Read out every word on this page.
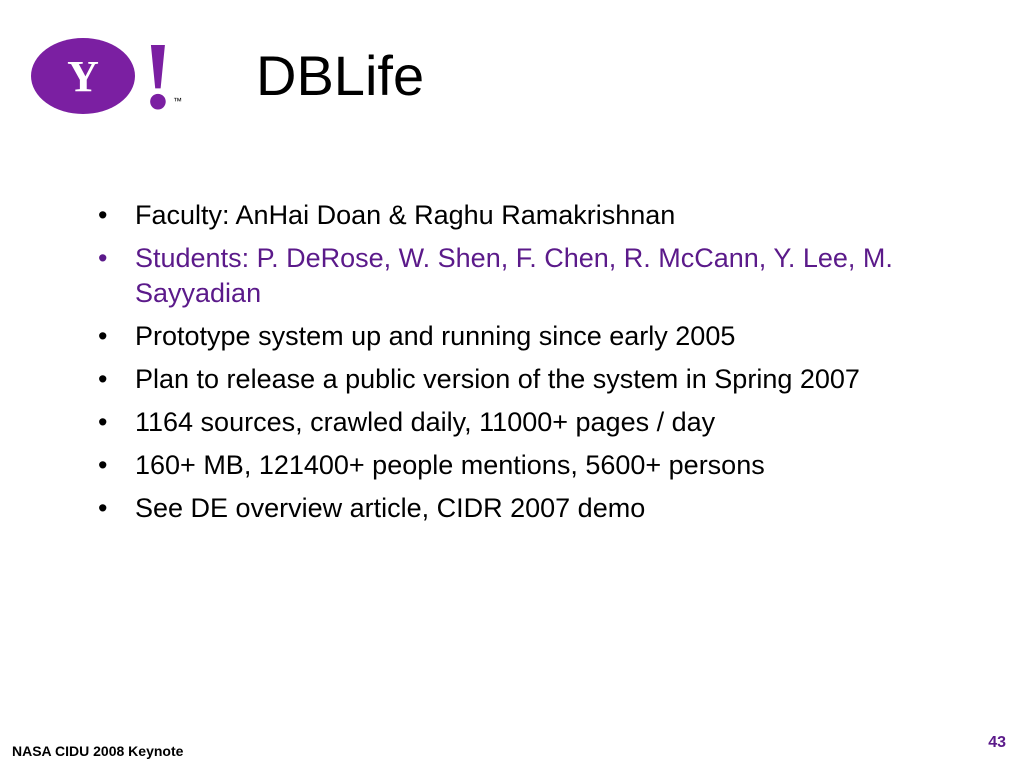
Y ! ™ DBLife
•	Faculty: AnHai Doan & Raghu Ramakrishnan
•	Students: P. DeRose, W. Shen, F. Chen, R. McCann, Y. Lee, M. Sayyadian
•	Prototype system up and running since early 2005
•	Plan to release a public version of the system in Spring 2007
•	1164 sources, crawled daily, 11000+ pages / day
•	160+ MB, 121400+ people mentions, 5600+ persons
•	See DE overview article, CIDR 2007 demo
NASA CIDU 2008 Keynote	43
